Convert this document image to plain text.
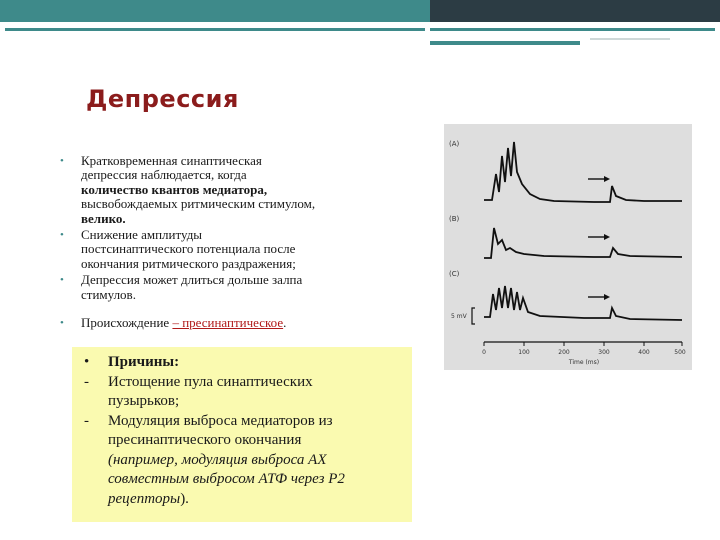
Депрессия
• Кратковременная синаптическая
депрессия наблюдается, когда
количество квантов медиатора,
высвобождаемых ритмическим стимулом,
велико.
• Снижение амплитуды
постсинаптического потенциала после
окончания ритмического раздражения;
• Депрессия может длиться дольше залпа
стимулов.
• Происхождение – пресинаптическое.
• Причины:
- Истощение пула синаптических
пузырьков;
- Модуляция выброса медиаторов из
пресинаптического окончания
(например, модуляция выброса АХ
совместным выбросом АТФ через P2
рецепторы).
(A)
(B)
(C)
5 mV
0	100	200	300	400	500
Time (ms)
